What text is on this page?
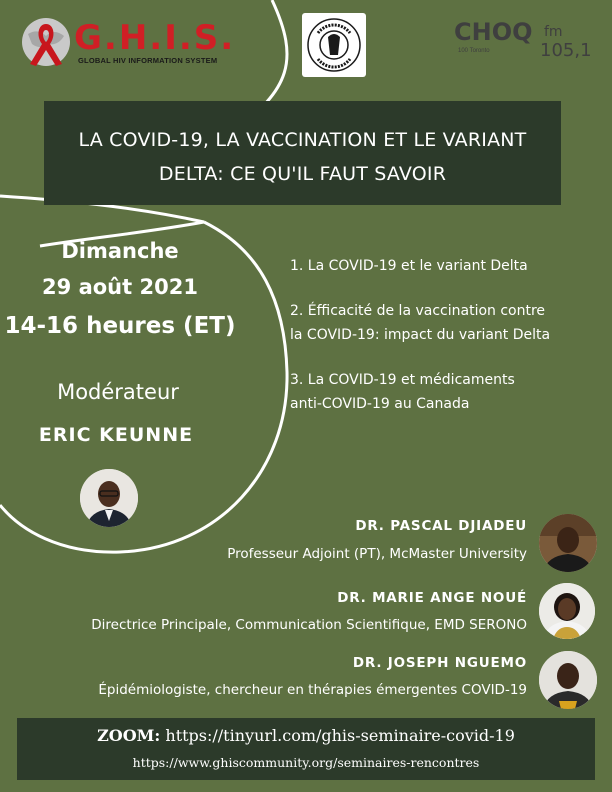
G.H.I.S.
GLOBAL HIV INFORMATION SYSTEM
CHOQ fm
105,1
100 Toronto
LA COVID-19, LA VACCINATION ET LE VARIANT
DELTA: CE QU'IL FAUT SAVOIR
Dimanche
29 août 2021
14-16 heures (ET)
Modérateur
ERIC KEUNNE
1. La COVID-19 et le variant Delta
2. Éfficacité de la vaccination contre
la COVID-19: impact du variant Delta
3. La COVID-19 et médicaments
anti-COVID-19 au Canada
DR. PASCAL DJIADEU
Professeur Adjoint (PT), McMaster University
DR. MARIE ANGE NOUÉ
Directrice Principale, Communication Scientifique, EMD SERONO
DR. JOSEPH NGUEMO
Épidémiologiste, chercheur en thérapies émergentes COVID-19
ZOOM: https://tinyurl.com/ghis-seminaire-covid-19
https://www.ghiscommunity.org/seminaires-rencontres
